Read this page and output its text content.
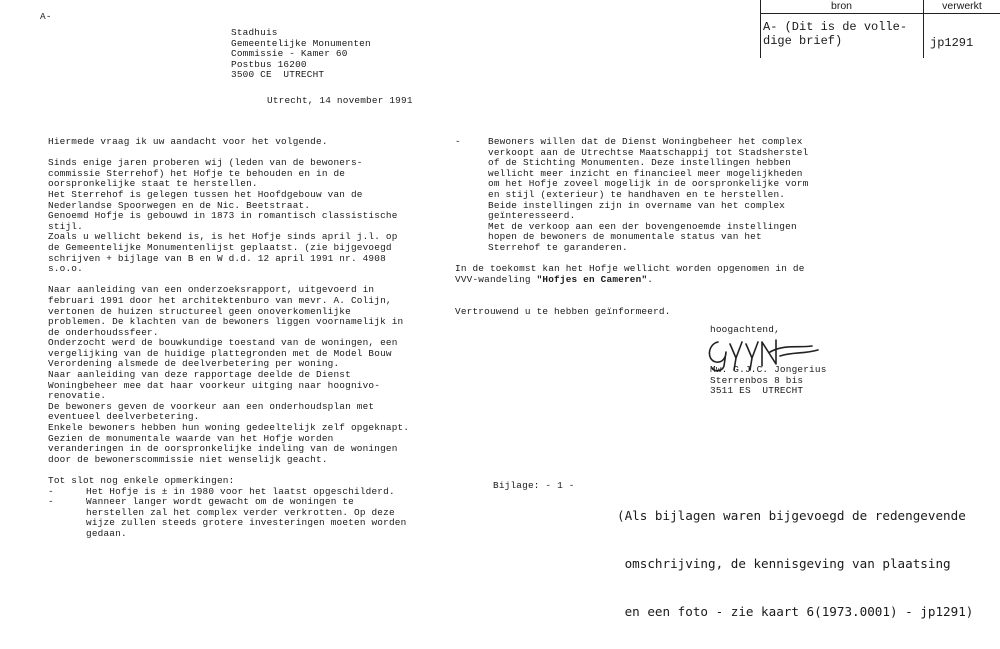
A-
bron	verwerkt
A- (Dit is de volle-
dige brief)	jp1291
Stadhuis
Gemeentelijke Monumenten
Commissie - Kamer 60
Postbus 16200
3500 CE  UTRECHT
Utrecht, 14 november 1991
Hiermede vraag ik uw aandacht voor het volgende.
Sinds enige jaren proberen wij (leden van de bewoners-
commissie Sterrehof) het Hofje te behouden en in de
oorspronkelijke staat te herstellen.
Het Sterrehof is gelegen tussen het Hoofdgebouw van de
Nederlandse Spoorwegen en de Nic. Beetstraat.
Genoemd Hofje is gebouwd in 1873 in romantisch classistische
stijl.
Zoals u wellicht bekend is, is het Hofje sinds april j.l. op
de Gemeentelijke Monumentenlijst geplaatst. (zie bijgevoegd
schrijven + bijlage van B en W d.d. 12 april 1991 nr. 4908
s.o.o.
Naar aanleiding van een onderzoeksrapport, uitgevoerd in
februari 1991 door het architektenburo van mevr. A. Colijn,
vertonen de huizen structureel geen onoverkomenlijke
problemen. De klachten van de bewoners liggen voornamelijk in
de onderhoudssfeer.
Onderzocht werd de bouwkundige toestand van de woningen, een
vergelijking van de huidige plattegronden met de Model Bouw
Verordening alsmede de deelverbetering per woning.
Naar aanleiding van deze rapportage deelde de Dienst
Woningbeheer mee dat haar voorkeur uitging naar hoognivo-
renovatie.
De bewoners geven de voorkeur aan een onderhoudsplan met
eventueel deelverbetering.
Enkele bewoners hebben hun woning gedeeltelijk zelf opgeknapt.
Gezien de monumentale waarde van het Hofje worden
veranderingen in de oorspronkelijke indeling van de woningen
door de bewonerscommissie niet wenselijk geacht.
Tot slot nog enkele opmerkingen:
-	Het Hofje is ± in 1980 voor het laatst opgeschilderd.
-	Wanneer langer wordt gewacht om de woningen te
herstellen zal het complex verder verkrotten. Op deze
wijze zullen steeds grotere investeringen moeten worden
gedaan.
-	Bewoners willen dat de Dienst Woningbeheer het complex
verkoopt aan de Utrechtse Maatschappij tot Stadsherstel
of de Stichting Monumenten. Deze instellingen hebben
wellicht meer inzicht en financieel meer mogelijkheden
om het Hofje zoveel mogelijk in de oorspronkelijke vorm
en stijl (exterieur) te handhaven en te herstellen.
Beide instellingen zijn in overname van het complex
geïnteresseerd.
Met de verkoop aan een der bovengenoemde instellingen
hopen de bewoners de monumentale status van het
Sterrehof te garanderen.
In de toekomst kan het Hofje wellicht worden opgenomen in de
VVV-wandeling "Hofjes en Cameren".
Vertrouwend u te hebben geïnformeerd.
hoogachtend,
Mw. G.J.C. Jongerius
Sterrenbos 8 bis
3511 ES  UTRECHT
Bijlage: - 1 -

(Als bijlagen waren bijgevoegd de redengevende

omschrijving, de kennisgeving van plaatsing

en een foto - zie kaart 6(1973.0001) - jp1291)
